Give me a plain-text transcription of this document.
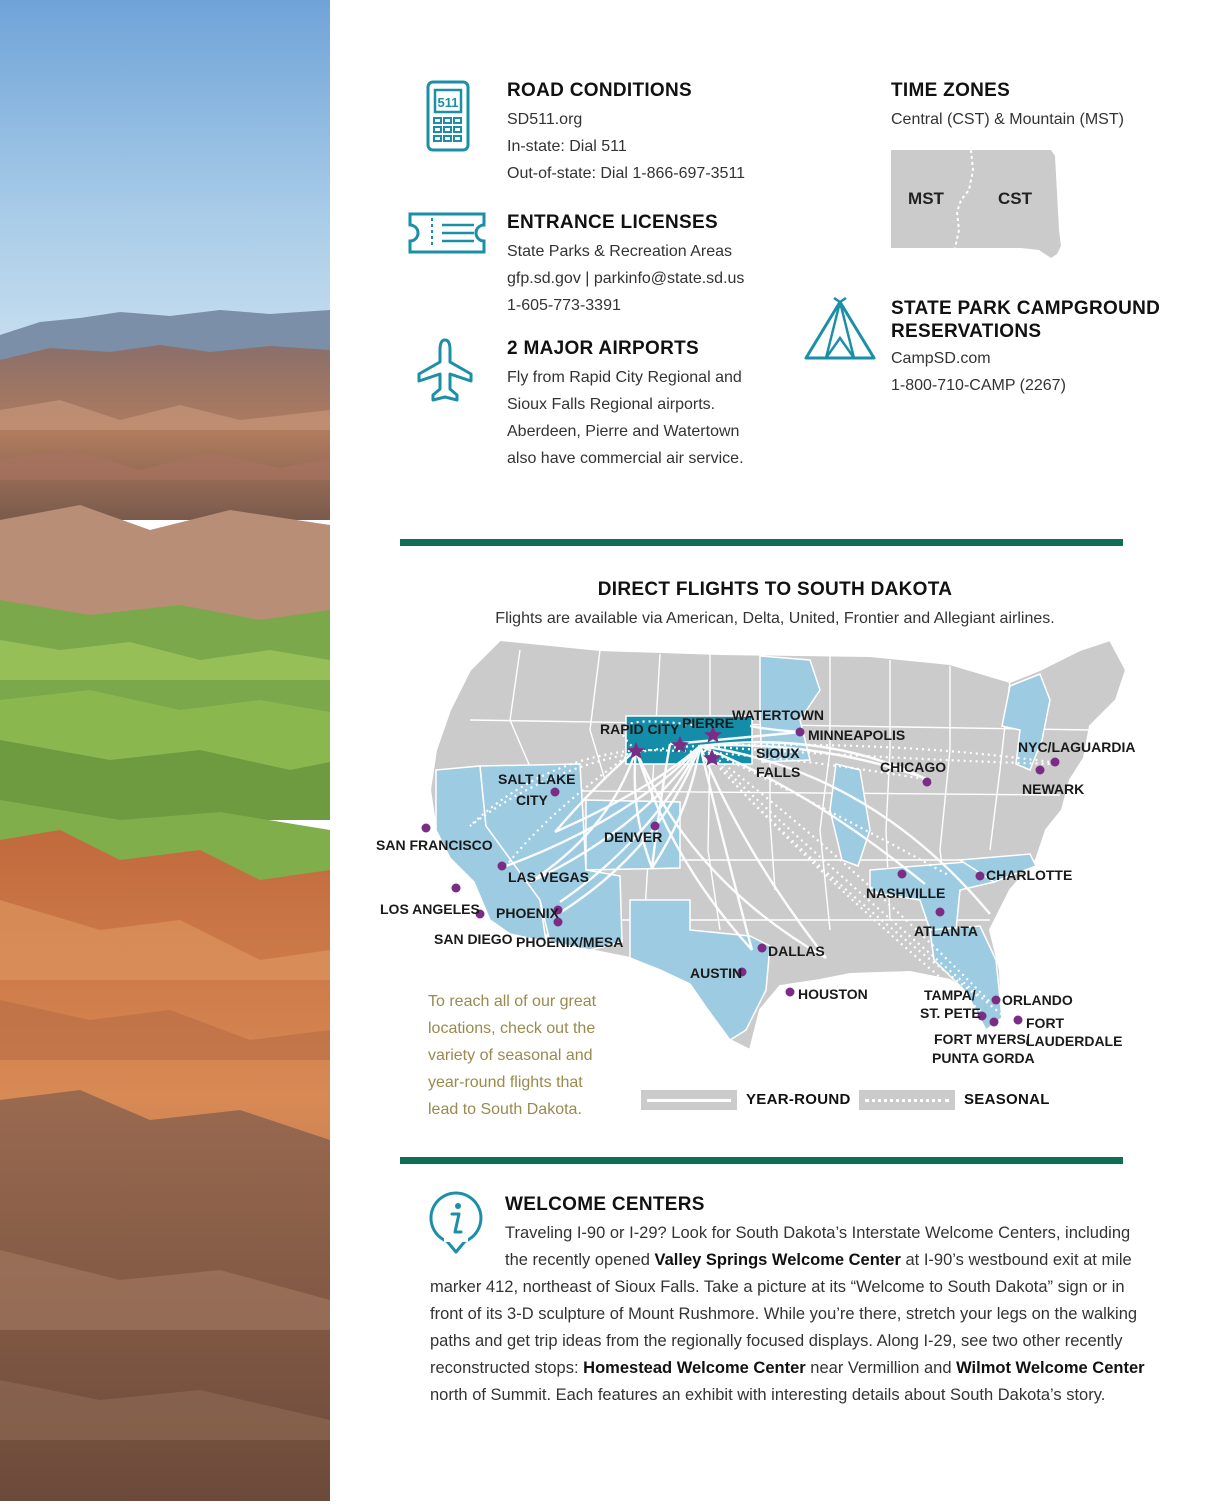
511
ROAD CONDITIONS
SD511.org
In-state: Dial 511
Out-of-state: Dial 1-866-697-3511
ENTRANCE LICENSES
State Parks & Recreation Areas
gfp.sd.gov | parkinfo@state.sd.us
1-605-773-3391
2 MAJOR AIRPORTS
Fly from Rapid City Regional and
Sioux Falls Regional airports.
Aberdeen, Pierre and Watertown
also have commercial air service.
TIME ZONES
Central (CST) & Mountain (MST)
MST	CST
STATE PARK CAMPGROUND
RESERVATIONS
CampSD.com
1-800-710-CAMP (2267)
DIRECT FLIGHTS TO SOUTH DAKOTA
Flights are available via American, Delta, United, Frontier and Allegiant airlines.
RAPID CITY PIERRE
WATERTOWN
MINNEAPOLIS
SIOUX
FALLS	CHICAGO
NYC/LAGUARDIA
NEWARK
SALT LAKE
CITY
SAN FRANCISCO	DENVER
LAS VEGAS
LOS ANGELES PHOENIX
SAN DIEGO PHOENIX/MESA
CHARLOTTE
NASHVILLE
ATLANTA
DALLAS
AUSTIN
HOUSTON	TAMPA/
ST. PETE
ORLANDO
FORT MYERS/
PUNTA GORDA
FORT
LAUDERDALE
To reach all of our great
locations, check out the
variety of seasonal and
year-round flights that
lead to South Dakota.
YEAR-ROUND	SEASONAL
WELCOME CENTERS
Traveling I-90 or I-29? Look for South Dakota’s Interstate Welcome Centers, including
the recently opened Valley Springs Welcome Center at I-90’s westbound exit at mile
marker 412, northeast of Sioux Falls. Take a picture at its “Welcome to South Dakota” sign or in
front of its 3-D sculpture of Mount Rushmore. While you’re there, stretch your legs on the walking
paths and get trip ideas from the regionally focused displays. Along I-29, see two other recently
reconstructed stops: Homestead Welcome Center near Vermillion and Wilmot Welcome Center
north of Summit. Each features an exhibit with interesting details about South Dakota’s story.
